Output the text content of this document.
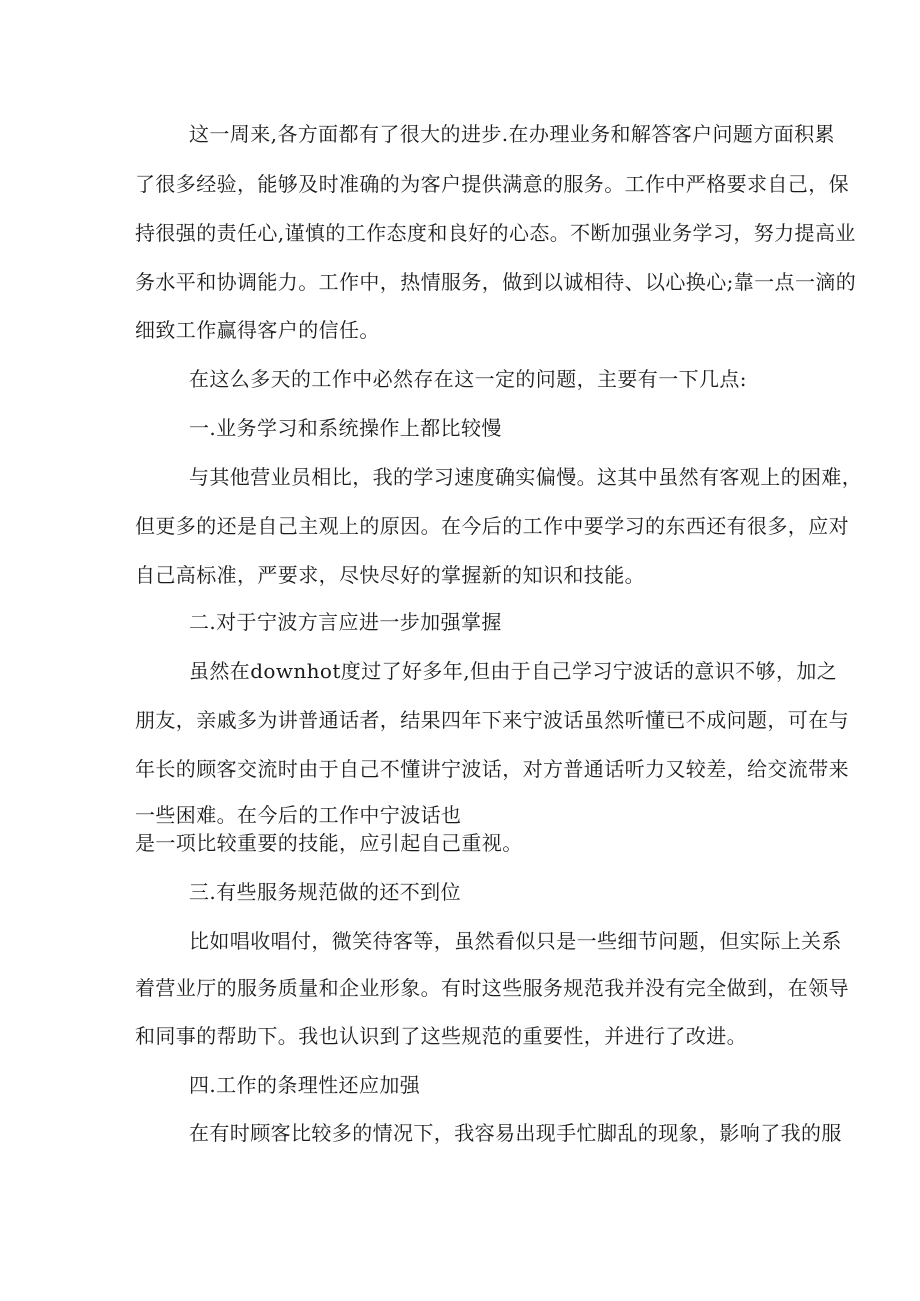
这一周来,各方面都有了很大的进步.在办理业务和解答客户问题方面积累
了很多经验，能够及时准确的为客户提供满意的服务。工作中严格要求自己，保
持很强的责任心,谨慎的工作态度和良好的心态。不断加强业务学习，努力提高业
务水平和协调能力。工作中，热情服务，做到以诚相待、以心换心;靠一点一滴的
细致工作赢得客户的信任。
在这么多天的工作中必然存在这一定的问题，主要有一下几点:
一.业务学习和系统操作上都比较慢
与其他营业员相比，我的学习速度确实偏慢。这其中虽然有客观上的困难，
但更多的还是自己主观上的原因。在今后的工作中要学习的东西还有很多，应对
自己高标准，严要求，尽快尽好的掌握新的知识和技能。
二.对于宁波方言应进一步加强掌握
虽然在downhot度过了好多年,但由于自己学习宁波话的意识不够，加之
朋友，亲戚多为讲普通话者，结果四年下来宁波话虽然听懂已不成问题，可在与
年长的顾客交流时由于自己不懂讲宁波话，对方普通话听力又较差，给交流带来
一些困难。在今后的工作中宁波话也
是一项比较重要的技能，应引起自己重视。
三.有些服务规范做的还不到位
比如唱收唱付，微笑待客等，虽然看似只是一些细节问题，但实际上关系
着营业厅的服务质量和企业形象。有时这些服务规范我并没有完全做到，在领导
和同事的帮助下。我也认识到了这些规范的重要性，并进行了改进。
四.工作的条理性还应加强
在有时顾客比较多的情况下，我容易出现手忙脚乱的现象，影响了我的服
